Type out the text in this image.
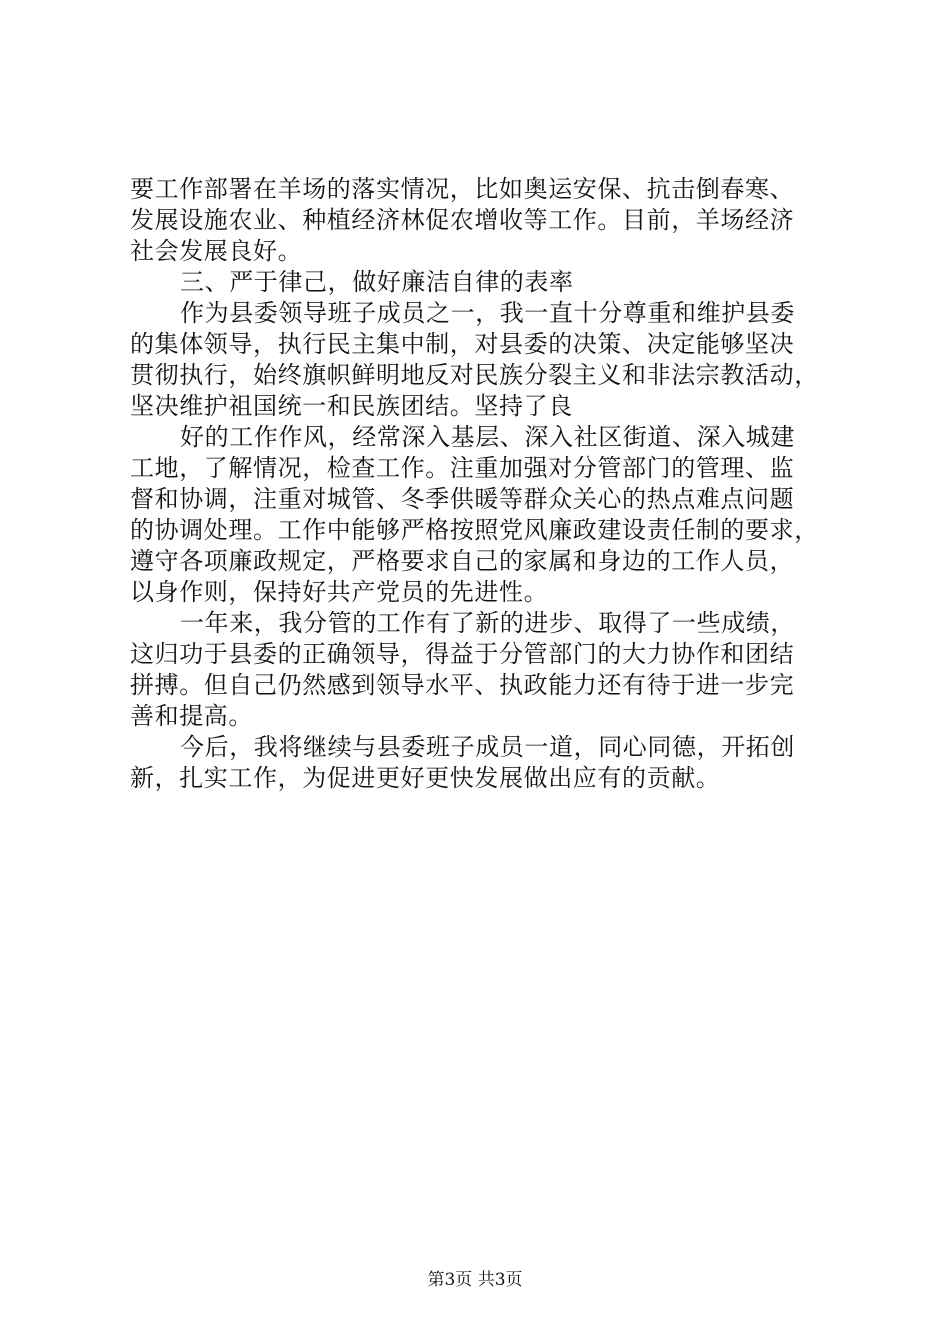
要工作部署在羊场的落实情况，比如奥运安保、抗击倒春寒、
发展设施农业、种植经济林促农增收等工作。目前，羊场经济
社会发展良好。
三、严于律己，做好廉洁自律的表率
作为县委领导班子成员之一，我一直十分尊重和维护县委
的集体领导，执行民主集中制，对县委的决策、决定能够坚决
贯彻执行，始终旗帜鲜明地反对民族分裂主义和非法宗教活动，
坚决维护祖国统一和民族团结。坚持了良
好的工作作风，经常深入基层、深入社区街道、深入城建
工地，了解情况，检查工作。注重加强对分管部门的管理、监
督和协调，注重对城管、冬季供暖等群众关心的热点难点问题
的协调处理。工作中能够严格按照党风廉政建设责任制的要求，
遵守各项廉政规定，严格要求自己的家属和身边的工作人员，
以身作则，保持好共产党员的先进性。
一年来，我分管的工作有了新的进步、取得了一些成绩，
这归功于县委的正确领导，得益于分管部门的大力协作和团结
拼搏。但自己仍然感到领导水平、执政能力还有待于进一步完
善和提高。
今后，我将继续与县委班子成员一道，同心同德，开拓创
新，扎实工作，为促进更好更快发展做出应有的贡献。
第3页 共3页
